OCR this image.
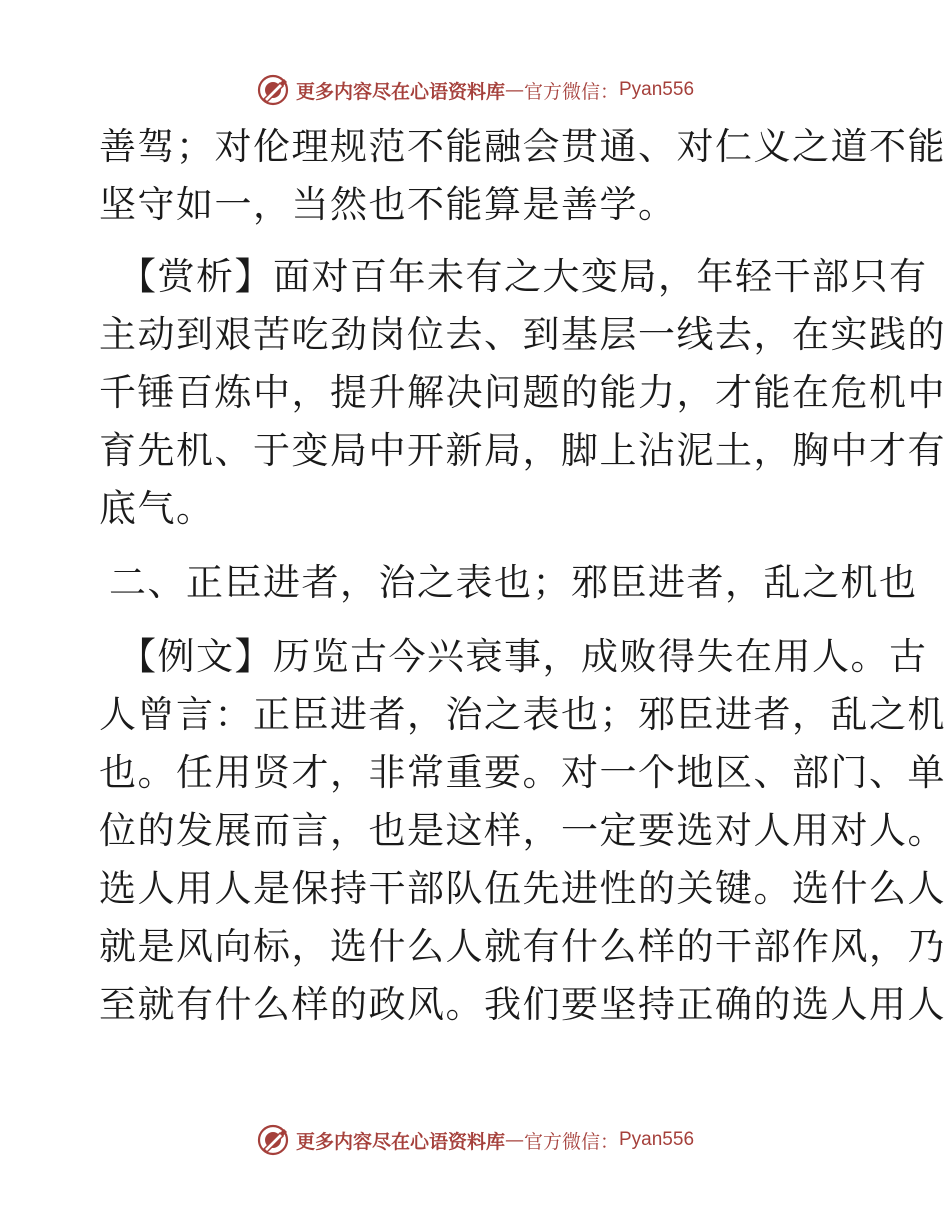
更多内容尽在心语资料库 — 官方微信： Pyan556
善驾；对伦理规范不能融会贯通、对仁义之道不能
坚守如一，当然也不能算是善学。
【赏析】面对百年未有之大变局，年轻干部只有
主动到艰苦吃劲岗位去、到基层一线去，在实践的
千锤百炼中，提升解决问题的能力，才能在危机中
育先机、于变局中开新局，脚上沾泥土，胸中才有
底气。
二、正臣进者，治之表也；邪臣进者，乱之机也
【例文】历览古今兴衰事，成败得失在用人。古
人曾言：正臣进者，治之表也；邪臣进者，乱之机
也。任用贤才，非常重要。对一个地区、部门、单
位的发展而言，也是这样，一定要选对人用对人。
选人用人是保持干部队伍先进性的关键。选什么人
就是风向标，选什么人就有什么样的干部作风，乃
至就有什么样的政风。我们要坚持正确的选人用人
更多内容尽在心语资料库 — 官方微信： Pyan556
